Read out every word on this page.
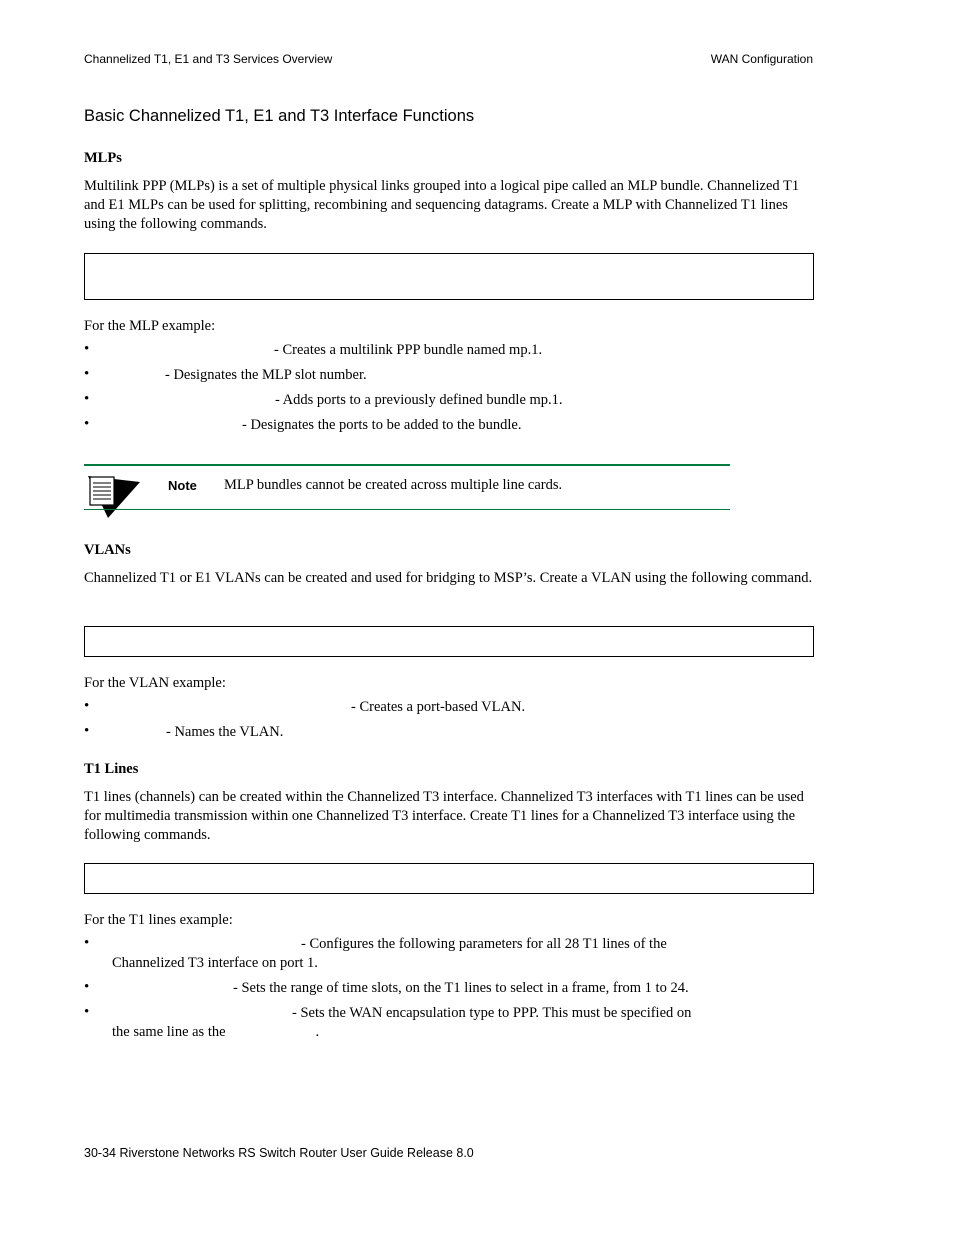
Channelized T1, E1 and T3 Services Overview	WAN Configuration
Basic Channelized T1, E1 and T3 Interface Functions
MLPs
Multilink PPP (MLPs) is a set of multiple physical links grouped into a logical pipe called an MLP bundle. Channelized T1 and E1 MLPs can be used for splitting, recombining and sequencing datagrams. Create a MLP with Channelized T1 lines using the following commands.
For the MLP example:
•	- Creates a multilink PPP bundle named mp.1.
•	- Designates the MLP slot number.
•	- Adds ports to a previously defined bundle mp.1.
•	- Designates the ports to be added to the bundle.
Note MLP bundles cannot be created across multiple line cards.
VLANs
Channelized T1 or E1 VLANs can be created and used for bridging to MSP’s. Create a VLAN using the following command.
For the VLAN example:
•	- Creates a port-based VLAN.
•	- Names the VLAN.
T1 Lines
T1 lines (channels) can be created within the Channelized T3 interface. Channelized T3 interfaces with T1 lines can be used for multimedia transmission within one Channelized T3 interface. Create T1 lines for a Channelized T3 interface using the following commands.
For the T1 lines example:
•	- Configures the following parameters for all 28 T1 lines of the Channelized T3 interface on port 1.
•	- Sets the range of time slots, on the T1 lines to select in a frame, from 1 to 24.
•	- Sets the WAN encapsulation type to PPP. This must be specified on
the same line as the	.
30-34 Riverstone Networks RS Switch Router User Guide Release 8.0
